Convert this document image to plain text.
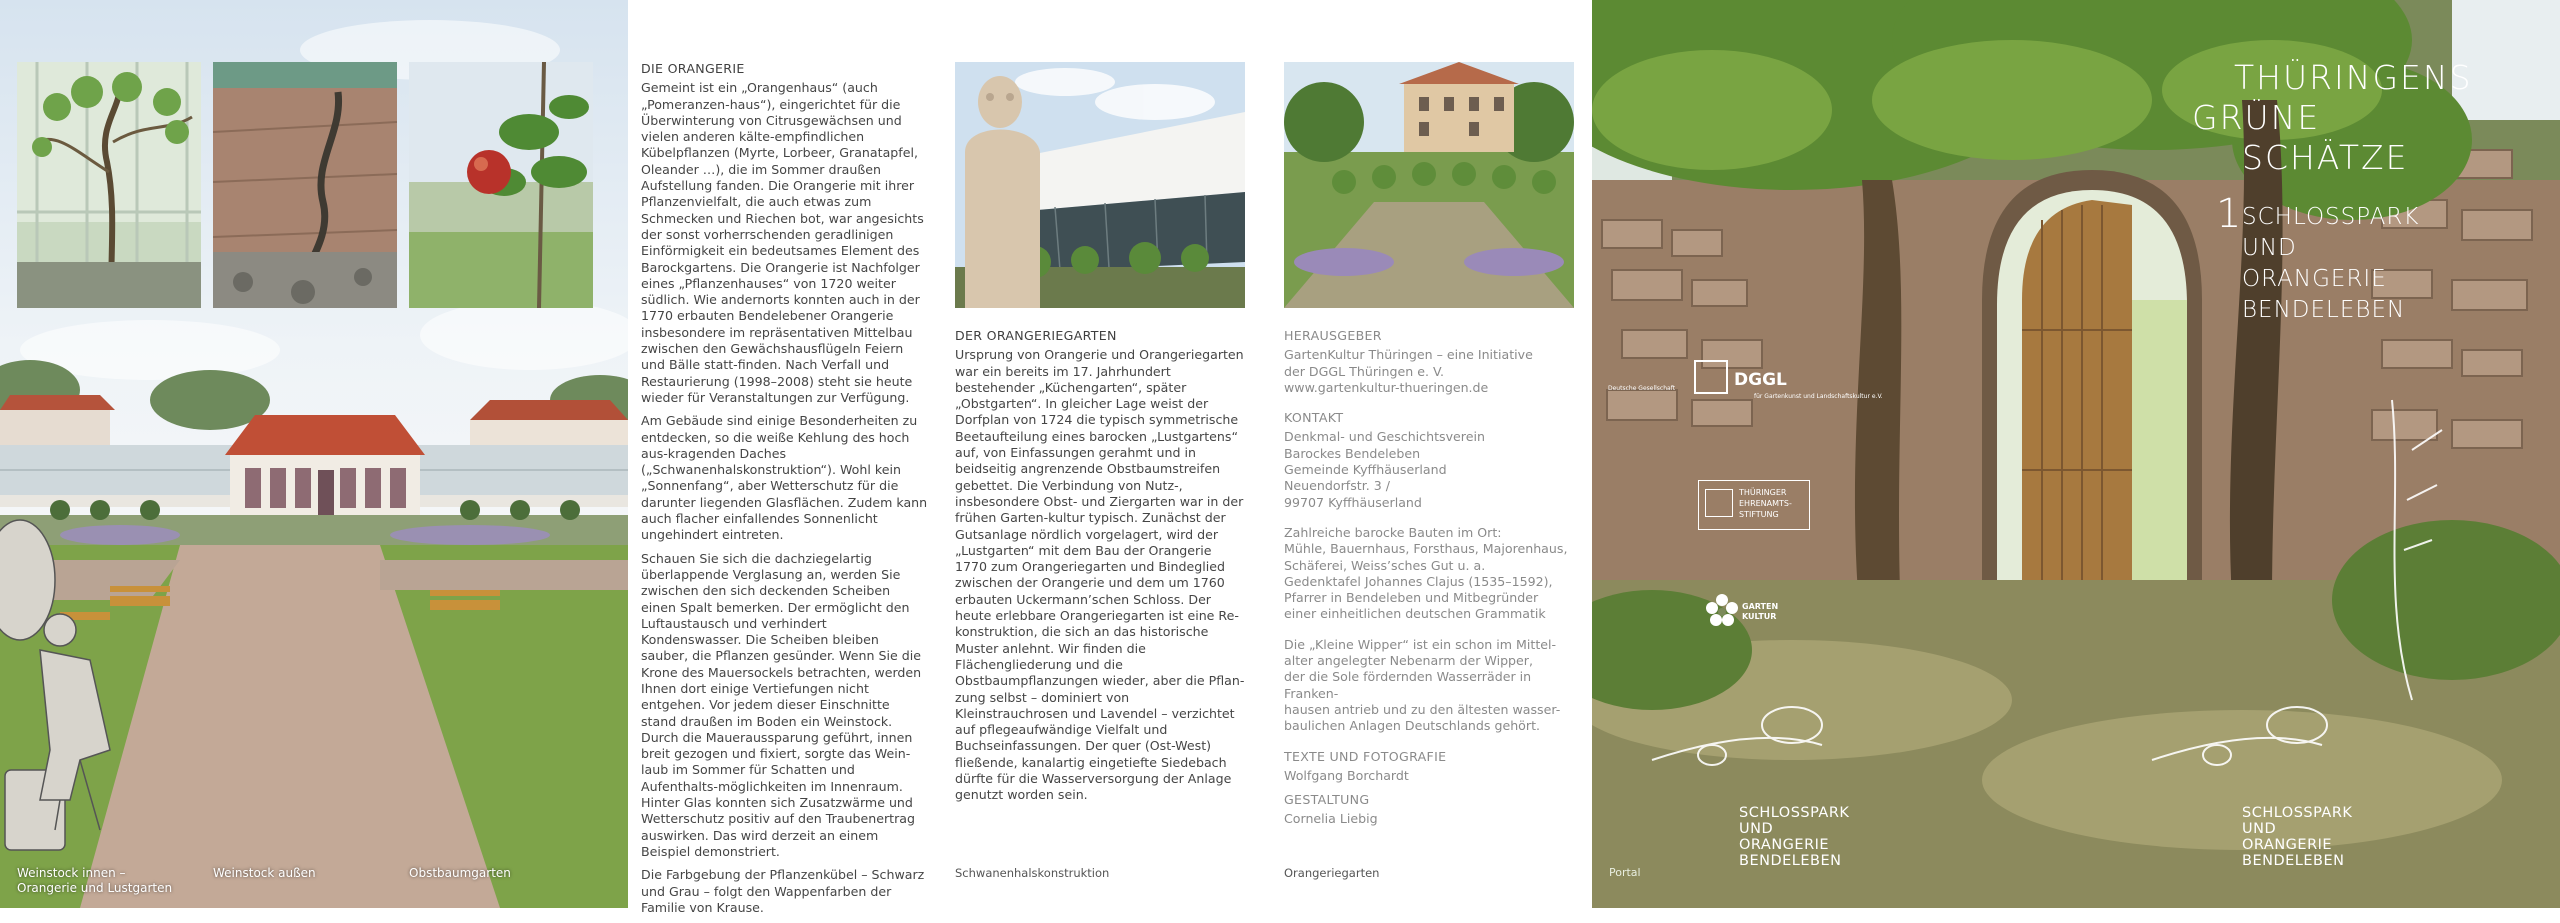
Weinstock innen –
Orangerie und Lustgarten
Weinstock außen	Obstbaumgarten
DIE ORANGERIE

Gemeint ist ein „Orangenhaus“ (auch „Pomeranzen-haus“), eingerichtet für die Überwinterung von Citrusgewächsen und vielen anderen kälte-empfindlichen Kübelpflanzen (Myrte, Lorbeer, Granatapfel, Oleander …), die im Sommer draußen Aufstellung fanden. Die Orangerie mit ihrer Pflanzenvielfalt, die auch etwas zum Schmecken und Riechen bot, war angesichts der sonst vorherrschenden geradlinigen Einförmigkeit ein bedeutsames Element des Barockgartens. Die Orangerie ist Nachfolger eines „Pflanzenhauses“ von 1720 weiter südlich. Wie andernorts konnten auch in der 1770 erbauten Bendelebener Orangerie insbesondere im repräsentativen Mittelbau zwischen den Gewächshausflügeln Feiern und Bälle statt-finden. Nach Verfall und Restaurierung (1998–2008) steht sie heute wieder für Veranstaltungen zur Verfügung.

Am Gebäude sind einige Besonderheiten zu entdecken, so die weiße Kehlung des hoch aus-kragenden Daches („Schwanenhalskonstruktion“). Wohl kein „Sonnenfang“, aber Wetterschutz für die darunter liegenden Glasflächen. Zudem kann auch flacher einfallendes Sonnenlicht ungehindert eintreten.

Schauen Sie sich die dachziegelartig überlappende Verglasung an, werden Sie zwischen den sich deckenden Scheiben einen Spalt bemerken. Der ermöglicht den Luftaustausch und verhindert Kondenswasser. Die Scheiben bleiben sauber, die Pflanzen gesünder. Wenn Sie die Krone des Mauersockels betrachten, werden Ihnen dort einige Vertiefungen nicht entgehen. Vor jedem dieser Einschnitte stand draußen im Boden ein Weinstock. Durch die Maueraussparung geführt, innen breit gezogen und fixiert, sorgte das Wein-laub im Sommer für Schatten und Aufenthalts-möglichkeiten im Innenraum. Hinter Glas konnten sich Zusatzwärme und Wetterschutz positiv auf den Traubenertrag auswirken. Das wird derzeit an einem Beispiel demonstriert.

Die Farbgebung der Pflanzenkübel – Schwarz und Grau – folgt den Wappenfarben der Familie von Krause.

DER ORANGERIEGARTEN

Ursprung von Orangerie und Orangeriegarten war ein bereits im 17. Jahrhundert bestehender „Küchengarten“, später „Obstgarten“. In gleicher Lage weist der Dorfplan von 1724 die typisch symmetrische Beetaufteilung eines barocken „Lustgartens“ auf, von Einfassungen gerahmt und in beidseitig angrenzende Obstbaumstreifen gebettet. Die Verbindung von Nutz-, insbesondere Obst- und Ziergarten war in der frühen Garten-kultur typisch. Zunächst der Gutsanlage nördlich vorgelagert, wird der „Lustgarten“ mit dem Bau der Orangerie 1770 zum Orangeriegarten und Bindeglied zwischen der Orangerie und dem um 1760 erbauten Uckermann’schen Schloss. Der heute erlebbare Orangeriegarten ist eine Re-konstruktion, die sich an das historische Muster anlehnt. Wir finden die Flächengliederung und die Obstbaumpflanzungen wieder, aber die Pflan-zung selbst – dominiert von Kleinstrauchrosen und Lavendel – verzichtet auf pflegeaufwändige Vielfalt und Buchseinfassungen. Der quer (Ost-West) fließende, kanalartig eingetiefte Siedebach dürfte für die Wasserversorgung der Anlage genutzt worden sein.

Schwanenhalskonstruktion
HERAUSGEBER
GartenKultur Thüringen – eine Initiative
der DGGL Thüringen e. V.
www.gartenkultur-thueringen.de
KONTAKT
Denkmal- und Geschichtsverein
Barockes Bendeleben
Gemeinde Kyffhäuserland
Neuendorfstr. 3 /
99707 Kyffhäuserland
Zahlreiche barocke Bauten im Ort:
Mühle, Bauernhaus, Forsthaus, Majorenhaus,
Schäferei, Weiss’sches Gut u. a.
Gedenktafel Johannes Clajus (1535–1592),
Pfarrer in Bendeleben und Mitbegründer
einer einheitlichen deutschen Grammatik
Die „Kleine Wipper“ ist ein schon im Mittel-
alter angelegter Nebenarm der Wipper,
der die Sole fördernden Wasserräder in Franken-
hausen antrieb und zu den ältesten wasser-
baulichen Anlagen Deutschlands gehört.
TEXTE UND FOTOGRAFIE
Wolfgang Borchardt
GESTALTUNG
Cornelia Liebig
Orangeriegarten
THÜRINGENS
GRÜNE
SCHÄTZE
1
SCHLOSSPARK
UND
ORANGERIE
BENDELEBEN
DGGL
Deutsche Gesellschaft
für Gartenkunst und Landschaftskultur e.V.
THÜRINGER
EHRENAMTS-
STIFTUNG
GARTEN
KULTUR
SCHLOSSPARK
UND
ORANGERIE
BENDELEBEN
SCHLOSSPARK
UND
ORANGERIE
BENDELEBEN
Portal
